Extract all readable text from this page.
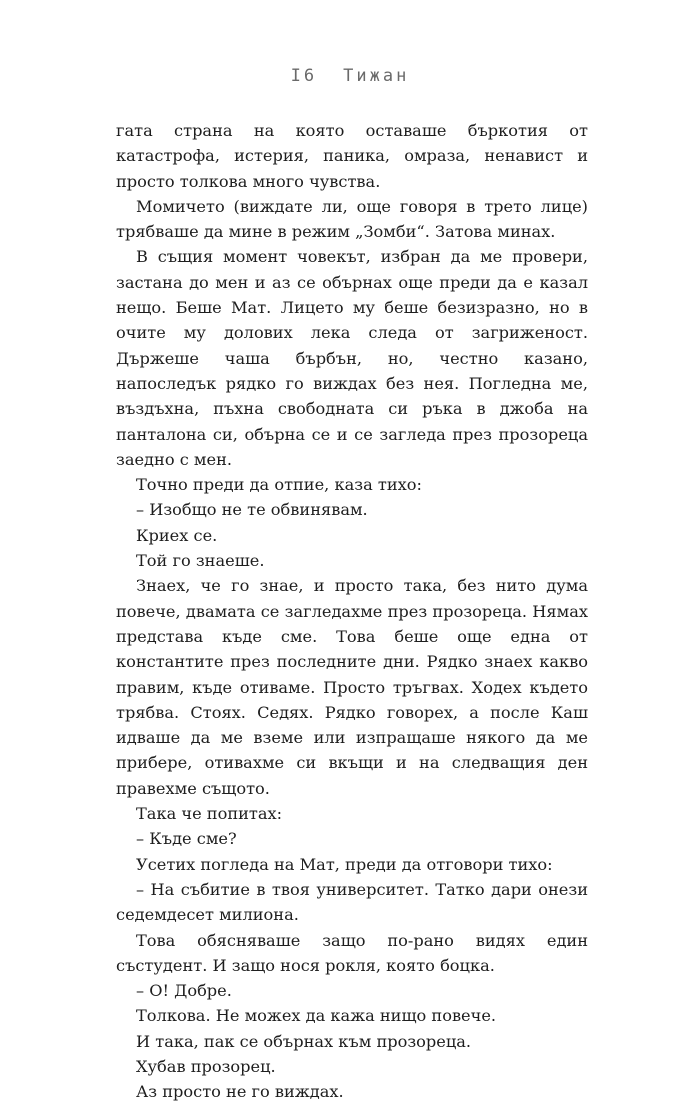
I6 Тижан

гата страна на която оставаше бъркотия от катастрофа, истерия, паника, омраза, ненавист и просто толкова много чувства.

Момичето (виждате ли, още говоря в трето лице) трябваше да мине в режим „Зомби“. Затова минах.

В същия момент човекът, избран да ме провери, застана до мен и аз се обърнах още преди да е казал нещо. Беше Мат. Лицето му беше безизразно, но в очите му долових лека следа от загриженост. Държеше чаша бърбън, но, честно казано, напоследък рядко го виждах без нея. Погледна ме, въздъхна, пъхна свободната си ръка в джоба на панталона си, обърна се и се загледа през прозореца заедно с мен.

Точно преди да отпие, каза тихо:

– Изобщо не те обвинявам.

Криех се.

Той го знаеше.

Знаех, че го знае, и просто така, без нито дума повече, двамата се загледахме през прозореца. Нямах представа къде сме. Това беше още една от константите през последните дни. Рядко знаех какво правим, къде отиваме. Просто тръгвах. Ходех където трябва. Стоях. Седях. Рядко говорех, а после Каш идваше да ме вземе или изпращаше някого да ме прибере, отивахме си вкъщи и на следващия ден правехме същото.

Така че попитах:

– Къде сме?

Усетих погледа на Мат, преди да отговори тихо:

– На събитие в твоя университет. Татко дари онези седемдесет милиона.

Това обясняваше защо по-рано видях един състудент. И защо нося рокля, която боцка.

– О! Добре.

Толкова. Не можех да кажа нищо повече.

И така, пак се обърнах към прозореца.

Хубав прозорец.

Аз просто не го виждах.
